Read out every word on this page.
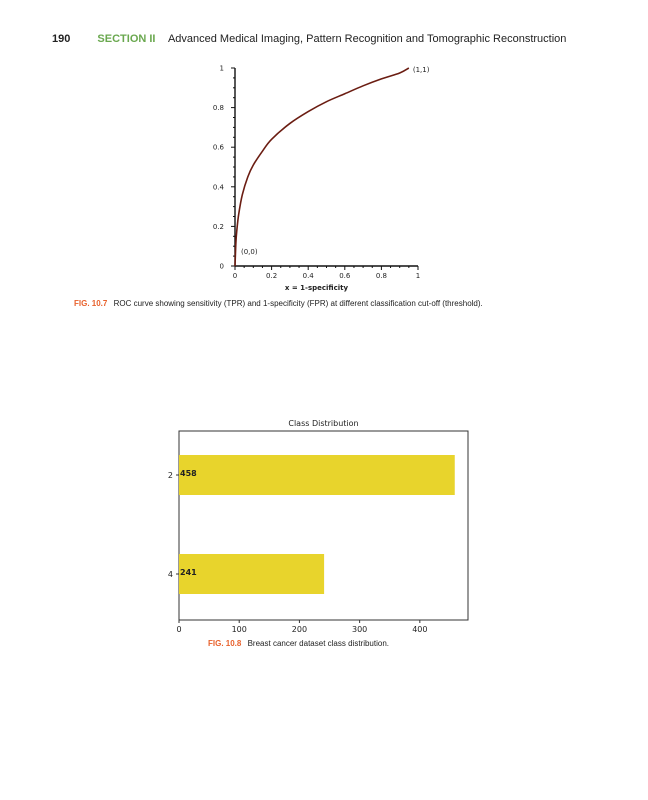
190 SECTION II Advanced Medical Imaging, Pattern Recognition and Tomographic Reconstruction
0	0.2	0.4	0.6	0.8	1
0
0.2
0.4
0.6
0.8
1
x = 1-specificity
(0,0)
(1,1)
Class Distribution
2 458
4 241
0	100	200	300	400
FIG. 10.7 ROC curve showing sensitivity (TPR) and 1-specificity (FPR) at different classification cut-off (threshold).
FIG. 10.8 Breast cancer dataset class distribution.
